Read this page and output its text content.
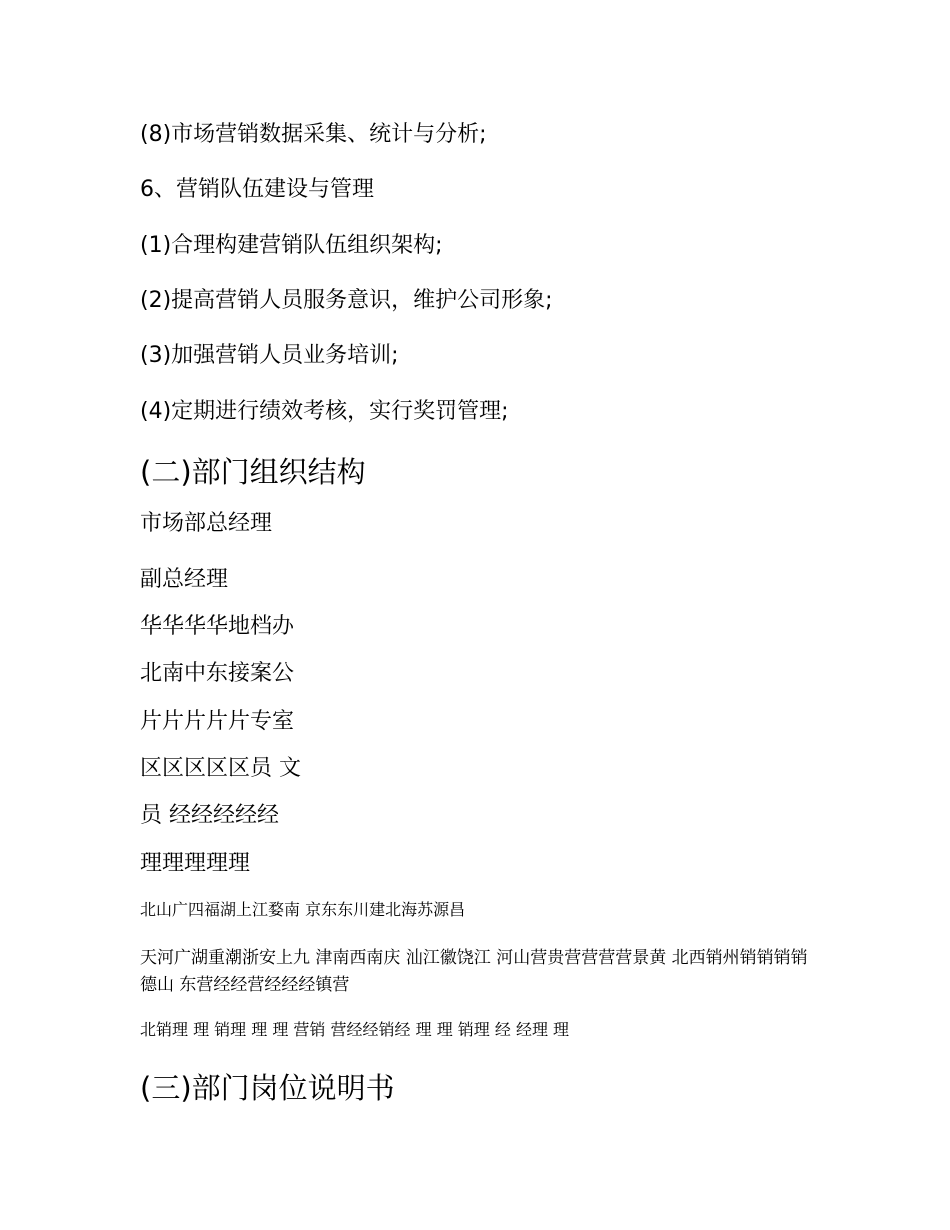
(8)市场营销数据采集、统计与分析;
6、营销队伍建设与管理
(1)合理构建营销队伍组织架构;
(2)提高营销人员服务意识，维护公司形象;
(3)加强营销人员业务培训;
(4)定期进行绩效考核，实行奖罚管理;
(二)部门组织结构
市场部总经理
副总经理
华华华华地档办
北南中东接案公
片片片片片专室
区区区区区员 文
员 经经经经经
理理理理理
北山广四福湖上江婺南 京东东川建北海苏源昌
天河广湖重潮浙安上九 津南西南庆 汕江徽饶江 河山营贵营营营营景黄 北西销州销销销销德山 东营经经营经经经镇营
北销理 理 销理 理 理 营销 营经经销经 理 理 销理 经 经理 理
(三)部门岗位说明书
